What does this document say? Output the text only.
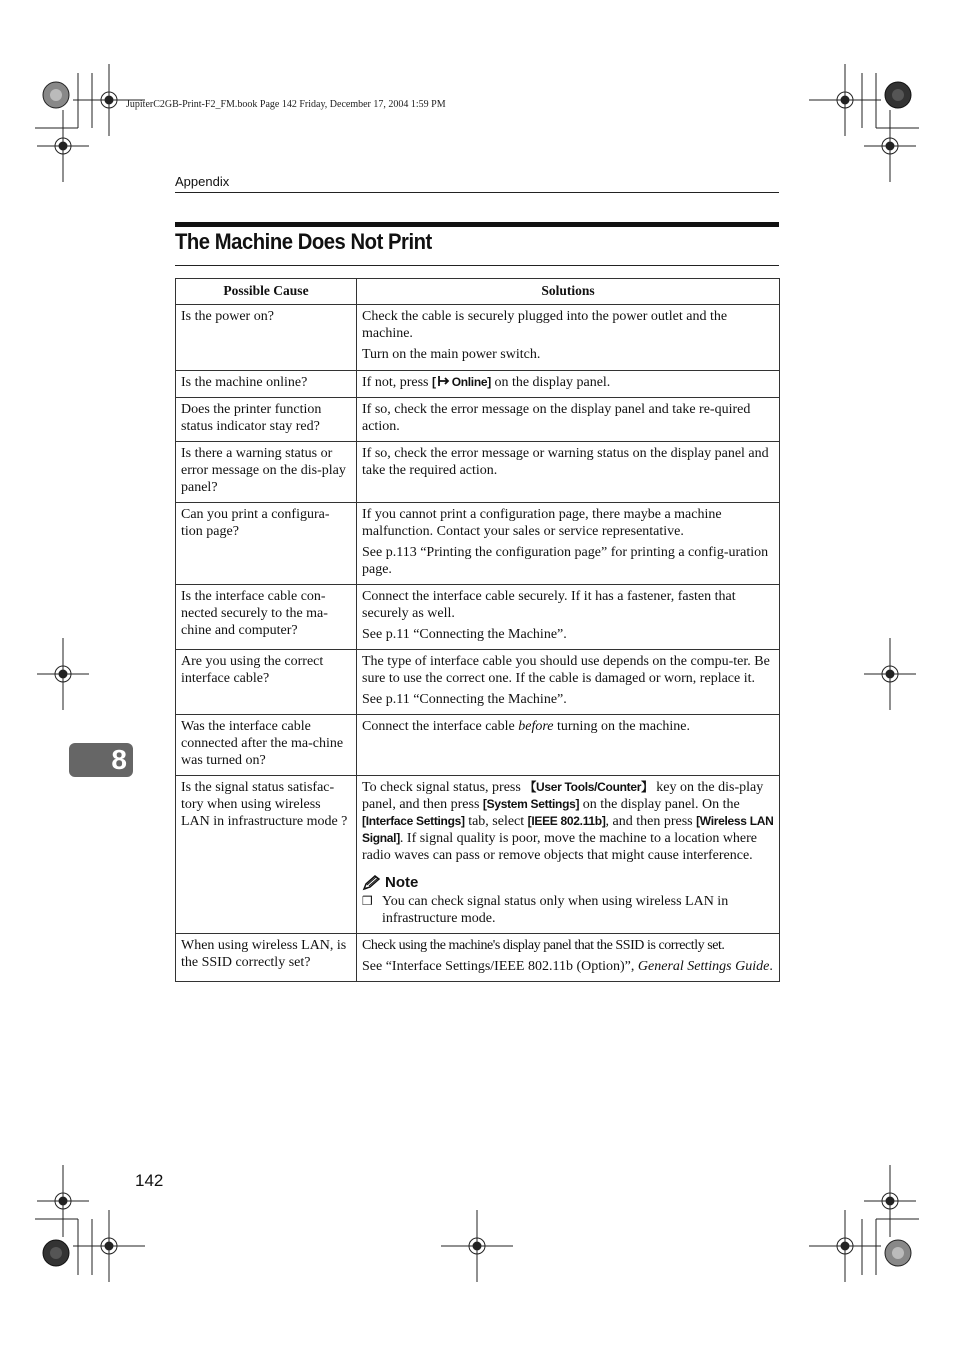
JupiterC2GB-Print-F2_FM.book Page 142 Friday, December 17, 2004 1:59 PM
Appendix
The Machine Does Not Print
Possible Cause	Solutions
Is the power on?	Check the cable is securely plugged into the power outlet and the machine.

Turn on the main power switch.

Is the machine online?	If not, press [ Online] on the display panel.
Does the printer function status indicator stay red?	If so, check the error message on the display panel and take re-quired action.

Is there a warning status or error message on the dis-play panel?	If so, check the error message or warning status on the display panel and take the required action.

Can you print a configura-tion page?	If you cannot print a configuration page, there maybe a machine malfunction. Contact your sales or service representative.

See p.113 “Printing the configuration page” for printing a config-uration page.

Is the interface cable con-nected securely to the ma-chine and computer?	Connect the interface cable securely. If it has a fastener, fasten that securely as well.

See p.11 “Connecting the Machine”.

Are you using the correct interface cable?	The type of interface cable you should use depends on the compu-ter. Be sure to use the correct one. If the cable is damaged or worn, replace it.

See p.11 “Connecting the Machine”.

Was the interface cable connected after the ma-chine was turned on?	Connect the interface cable before turning on the machine.
Is the signal status satisfac-tory when using wireless LAN in infrastructure mode ?	To check signal status, press 【User Tools/Counter】 key on the dis-play panel, and then press [System Settings] on the display panel. On the [Interface Settings] tab, select [IEEE 802.11b], and then press [Wireless LAN Signal]. If signal quality is poor, move the machine to a location where radio waves can pass or remove objects that might cause interference.
Note
❒ You can check signal status only when using wireless LAN in infrastructure mode.

When using wireless LAN, is the SSID correctly set?	Check using the machine's display panel that the SSID is correctly set.

See “Interface Settings/IEEE 802.11b (Option)”, General Settings Guide.

8
142
